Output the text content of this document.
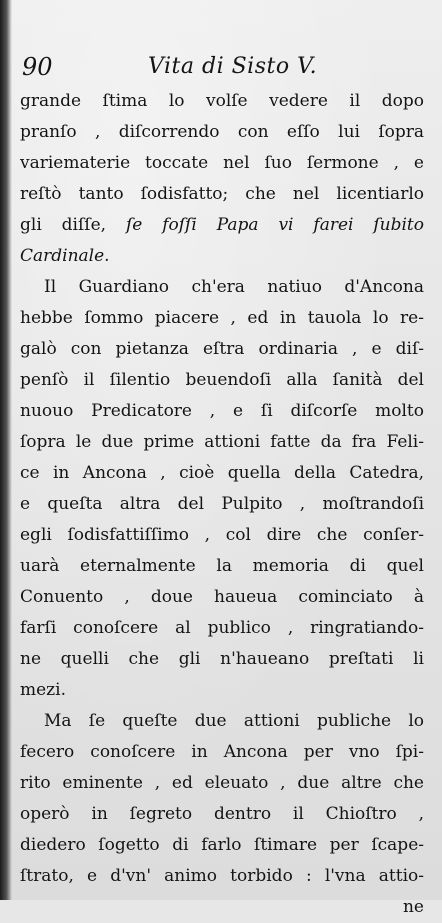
90	Vita di Sisto V.
grande ſtima lo volſe vedere il dopo
pranſo , diſcorrendo con eſſo lui ſopra
variematerie toccate nel ſuo ſermone , e
reſtò tanto ſodisfatto; che nel licentiarlo
gli diſſe, ſe foſſi Papa vi farei ſubito
Cardinale.
Il Guardiano ch'era natiuo d'Ancona
hebbe ſommo piacere , ed in tauola lo re-
galò con pietanza eſtra ordinaria , e diſ-
penſò il ſilentio beuendoſi alla ſanità del
nuouo Predicatore , e ſi diſcorſe molto
ſopra le due prime attioni fatte da fra Feli-
ce in Ancona , cioè quella della Catedra,
e queſta altra del Pulpito , moſtrandoſi
egli ſodisfattiſſimo , col dire che conſer-
uarà eternalmente la memoria di quel
Conuento , doue haueua cominciato à
farſi conoſcere al publico , ringratiando-
ne quelli che gli n'haueano preſtati li
mezi.
Ma ſe queſte due attioni publiche lo
fecero conoſcere in Ancona per vno ſpi-
rito eminente , ed eleuato , due altre che
operò in ſegreto dentro il Chioſtro ,
diedero ſogetto di farlo ſtimare per ſcape-
ſtrato, e d'vn' animo torbido : l'vna attio-
ne
